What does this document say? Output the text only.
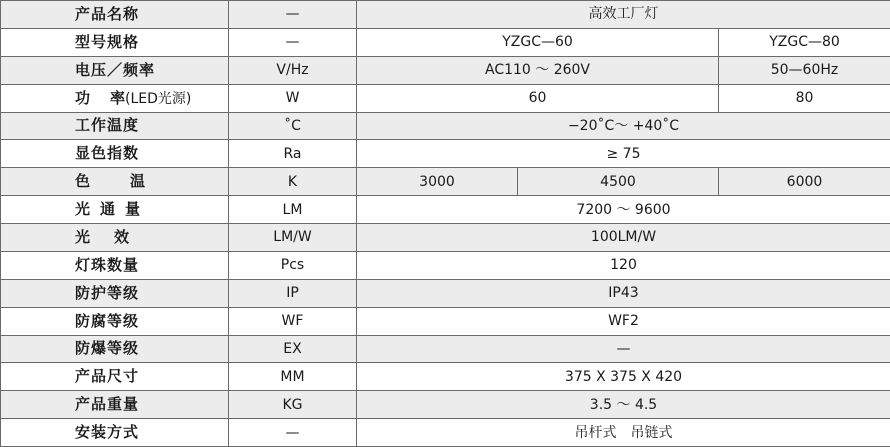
产品名称	—	高效工厂灯		
型号规格	—	YZGC—60		YZGC—80
电压／频率	V/Hz	AC110 ～ 260V		50—60Hz
功 率(LED光源)	W	60		80
工作温度	˚C	−20˚C～ +40˚C		
显色指数	Ra	≥ 75		
色温	K	3000	4500	6000
光通量	LM	7200 ～ 9600		
光效	LM/W	100LM/W		
灯珠数量	Pcs	120		
防护等级	IP	IP43		
防腐等级	WF	WF2		
防爆等级	EX	—		
产品尺寸	MM	375 X 375 X 420		
产品重量	KG	3.5 ～ 4.5		
安装方式	—	吊杆式　吊链式		
